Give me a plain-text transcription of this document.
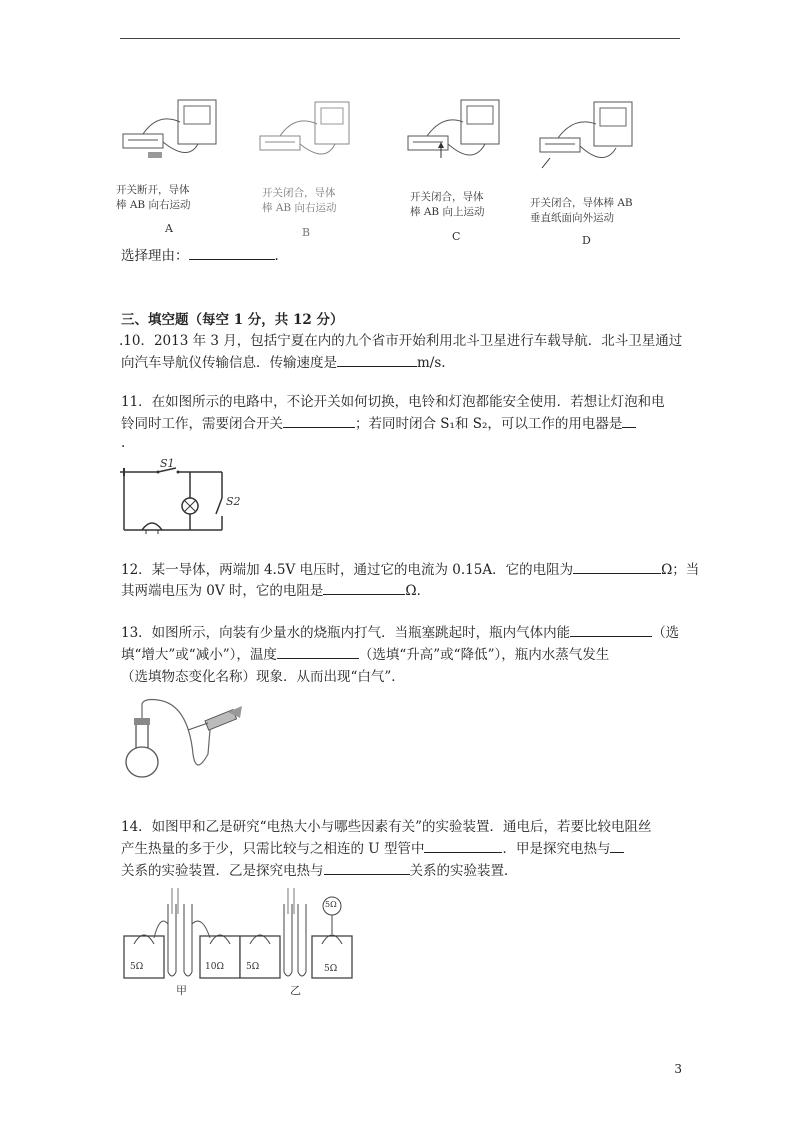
开关断开，导体
棒 AB 向右运动
A
开关闭合，导体
棒 AB 向右运动
B
开关闭合，导体
棒 AB 向上运动
C
开关闭合，导体棒 AB
垂直纸面向外运动
D
选择理由：	.
三、填空题（每空 1 分，共 12 分）
.10．2013 年 3 月，包括宁夏在内的九个省市开始利用北斗卫星进行车载导航．北斗卫星通过
向汽车导航仪传输信息．传输速度是	m/s.
11．在如图所示的电路中，不论开关如何切换，电铃和灯泡都能安全使用．若想让灯泡和电
铃同时工作，需要闭合开关	；若同时闭合 S₁和 S₂，可以工作的用电器是
.
S1
S2
12．某一导体，两端加 4.5V 电压时，通过它的电流为 0.15A．它的电阻为	Ω；当
其两端电压为 0V 时，它的电阻是	Ω．
13．如图所示，向装有少量水的烧瓶内打气．当瓶塞跳起时，瓶内气体内能	（选
填“增大”或“减小”），温度	（选填“升高”或“降低”），瓶内水蒸气发生
（选填物态变化名称）现象．从而出现“白气”．
14．如图甲和乙是研究“电热大小与哪些因素有关”的实验装置．通电后，若要比较电阻丝
产生热量的多于少，只需比较与之相连的 U 型管中	．甲是探究电热与
关系的实验装置．乙是探究电热与	关系的实验装置．
5Ω	10Ω
甲
5Ω	5Ω
5Ω
乙
3
